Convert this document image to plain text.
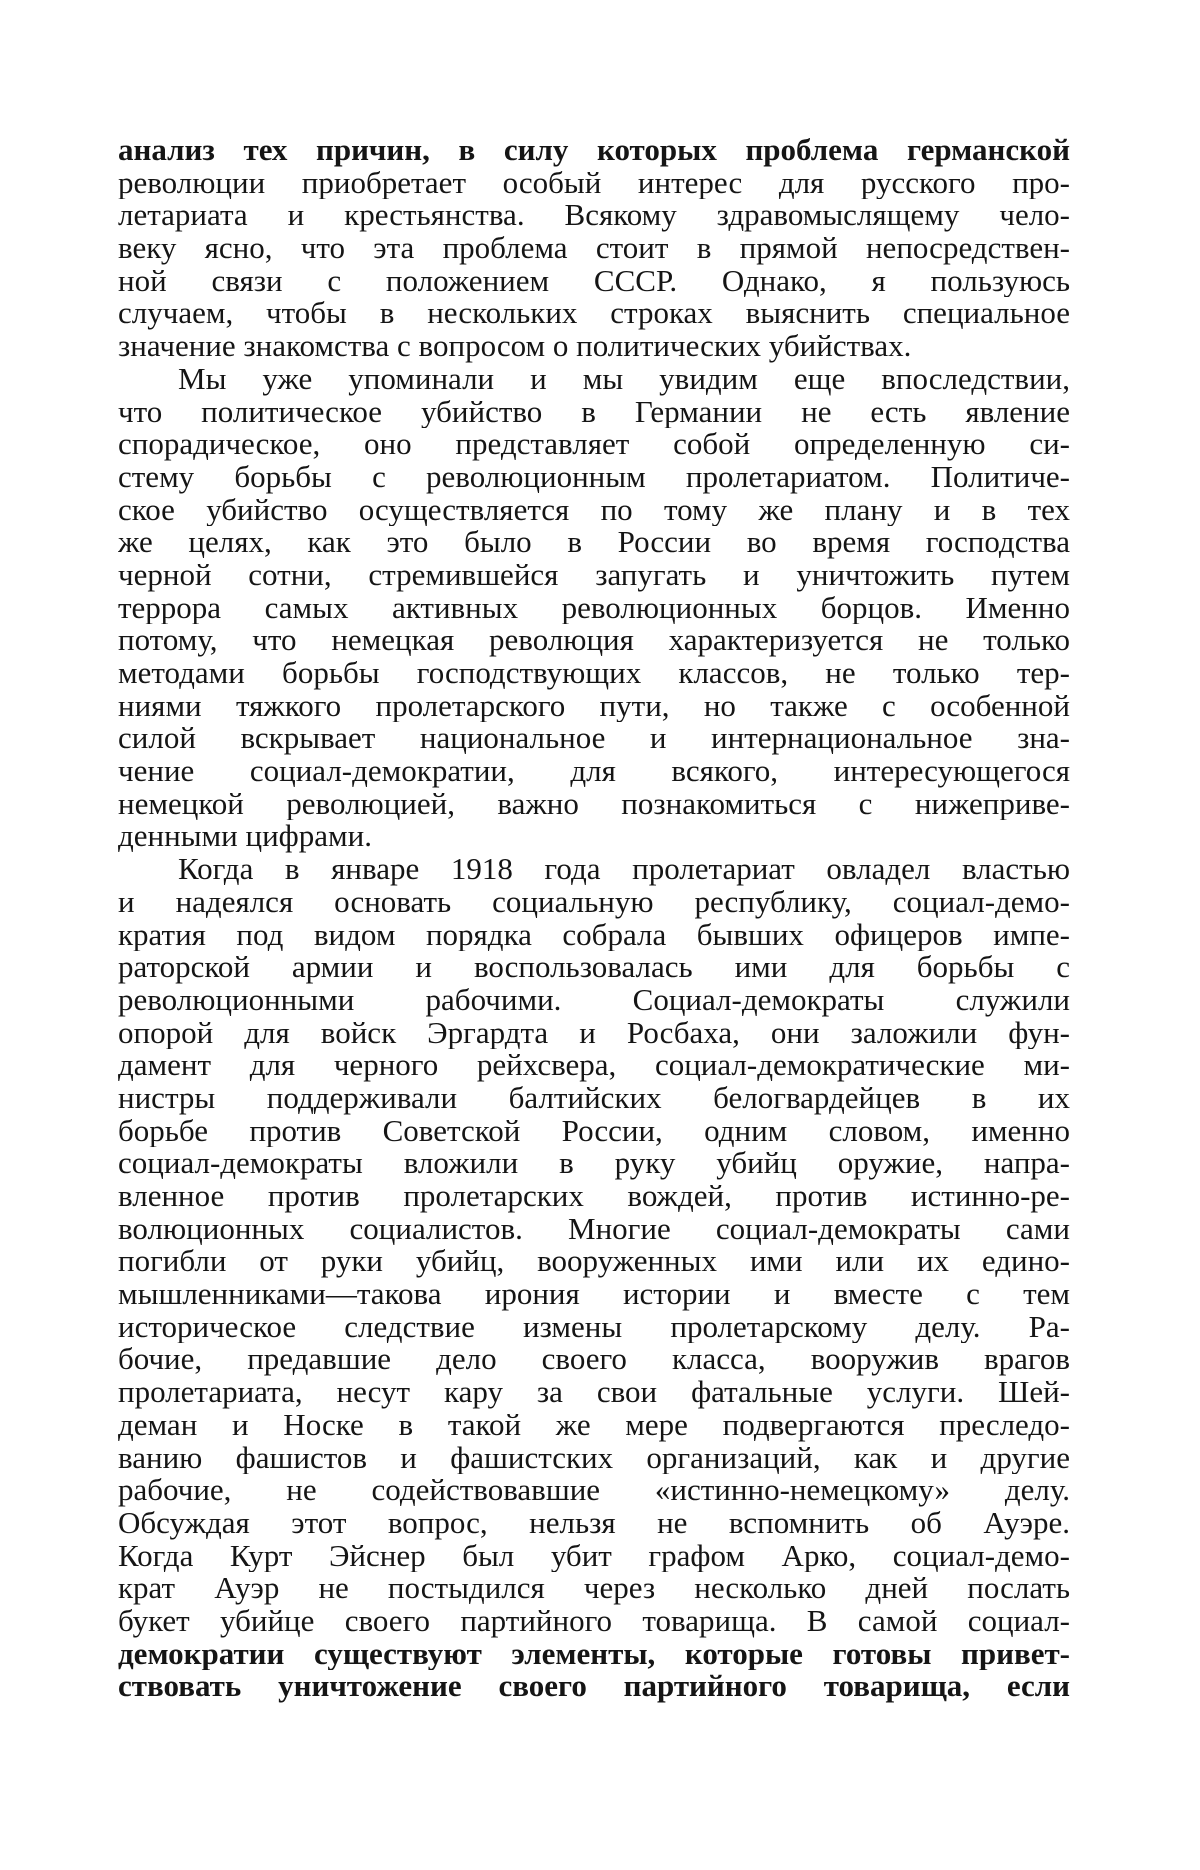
анализ тех причин, в силу которых проблема германской
революции приобретает особый интерес для русского про-
летариата и крестьянства. Всякому здравомыслящему чело-
веку ясно, что эта проблема стоит в прямой непосредствен-
ной связи с положением СССР. Однако, я пользуюсь
случаем, чтобы в нескольких строках выяснить специальное
значение знакомства с вопросом о политических убийствах.
Мы уже упоминали и мы увидим еще впоследствии,
что политическое убийство в Германии не есть явление
спорадическое, оно представляет собой определенную си-
стему борьбы с революционным пролетариатом. Политиче-
ское убийство осуществляется по тому же плану и в тех
же целях, как это было в России во время господства
черной сотни, стремившейся запугать и уничтожить путем
террора самых активных революционных борцов. Именно
потому, что немецкая революция характеризуется не только
методами борьбы господствующих классов, не только тер-
ниями тяжкого пролетарского пути, но также с особенной
силой вскрывает национальное и интернациональное зна-
чение социал-демократии, для всякого, интересующегося
немецкой революцией, важно познакомиться с нижеприве-
денными цифрами.
Когда в январе 1918 года пролетариат овладел властью
и надеялся основать социальную республику, социал-демо-
кратия под видом порядка собрала бывших офицеров импе-
раторской армии и воспользовалась ими для борьбы с
революционными рабочими. Социал-демократы служили
опорой для войск Эргардта и Росбаха, они заложили фун-
дамент для черного рейхсвера, социал-демократические ми-
нистры поддерживали балтийских белогвардейцев в их
борьбе против Советской России, одним словом, именно
социал-демократы вложили в руку убийц оружие, напра-
вленное против пролетарских вождей, против истинно-ре-
волюционных социалистов. Многие социал-демократы сами
погибли от руки убийц, вооруженных ими или их едино-
мышленниками—такова ирония истории и вместе с тем
историческое следствие измены пролетарскому делу. Ра-
бочие, предавшие дело своего класса, вооружив врагов
пролетариата, несут кару за свои фатальные услуги. Шей-
деман и Носке в такой же мере подвергаются преследо-
ванию фашистов и фашистских организаций, как и другие
рабочие, не содействовавшие «истинно-немецкому» делу.
Обсуждая этот вопрос, нельзя не вспомнить об Ауэре.
Когда Курт Эйснер был убит графом Арко, социал-демо-
крат Ауэр не постыдился через несколько дней послать
букет убийце своего партийного товарища. В самой социал-
демократии существуют элементы, которые готовы привет-
ствовать уничтожение своего партийного товарища, если
